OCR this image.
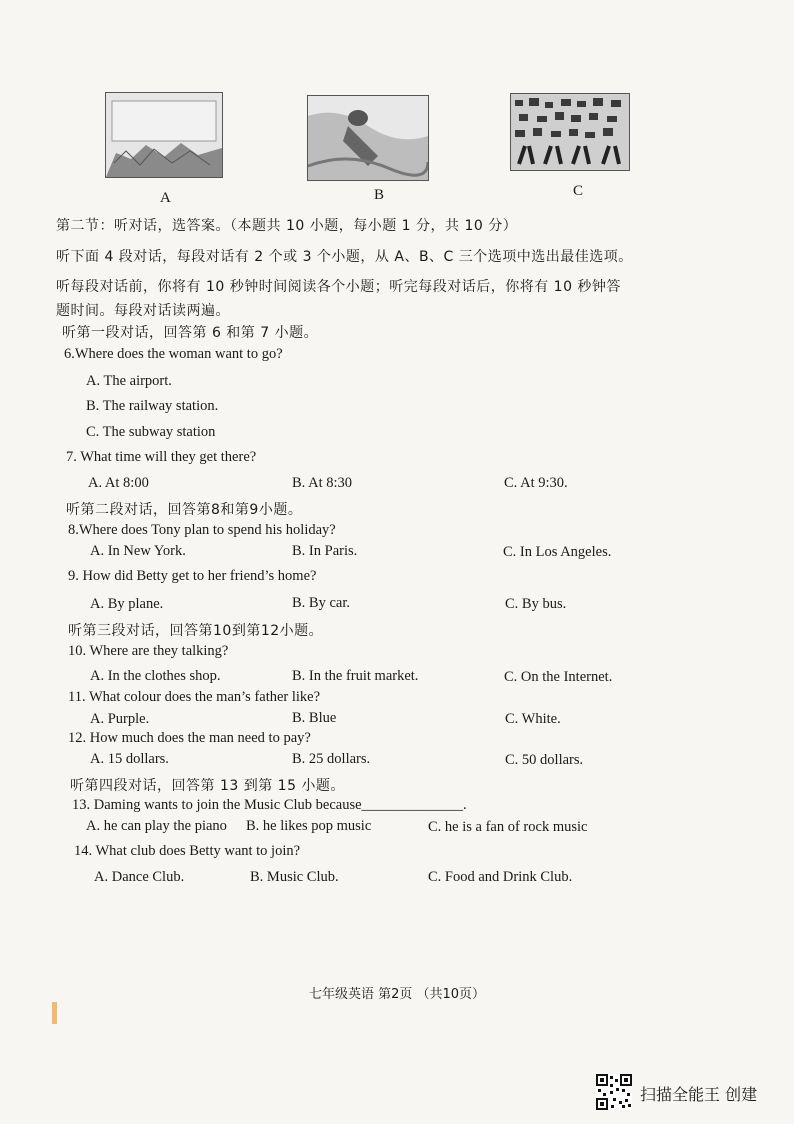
A	B	C
第二节：听对话，选答案。（本题共 10 小题，每小题 1 分，共 10 分）
听下面 4 段对话，每段对话有 2 个或 3 个小题，从 A、B、C 三个选项中选出最佳选项。
听每段对话前，你将有 10 秒钟时间阅读各个小题；听完每段对话后，你将有 10 秒钟答
题时间。每段对话读两遍。
听第一段对话，回答第 6 和第 7 小题。
6.Where does the woman want to go?
A. The airport.
B. The railway station.
C. The subway station
7. What time will they get there?
A. At 8:00	B. At 8:30	C. At 9:30.
听第二段对话，回答第8和第9小题。
8.Where does Tony plan to spend his holiday?
A. In New York.	B. In Paris.	C. In Los Angeles.
9. How did Betty get to her friend’s home?
A. By plane.	B. By car.	C. By bus.
听第三段对话，回答第10到第12小题。
10. Where are they talking?
A. In the clothes shop.	B. In the fruit market.	C. On the Internet.
11. What colour does the man’s father like?
A. Purple.	B. Blue	C. White.
12. How much does the man need to pay?
A. 15 dollars.	B. 25 dollars.	C. 50 dollars.
听第四段对话，回答第 13 到第 15 小题。
13. Daming wants to join the Music Club because______________.
A. he can play the piano B. he likes pop music	C. he is a fan of rock music
14. What club does Betty want to join?
A. Dance Club.	B. Music Club.	C. Food and Drink Club.
七年级英语 第2页 （共10页）
扫描全能王 创建
